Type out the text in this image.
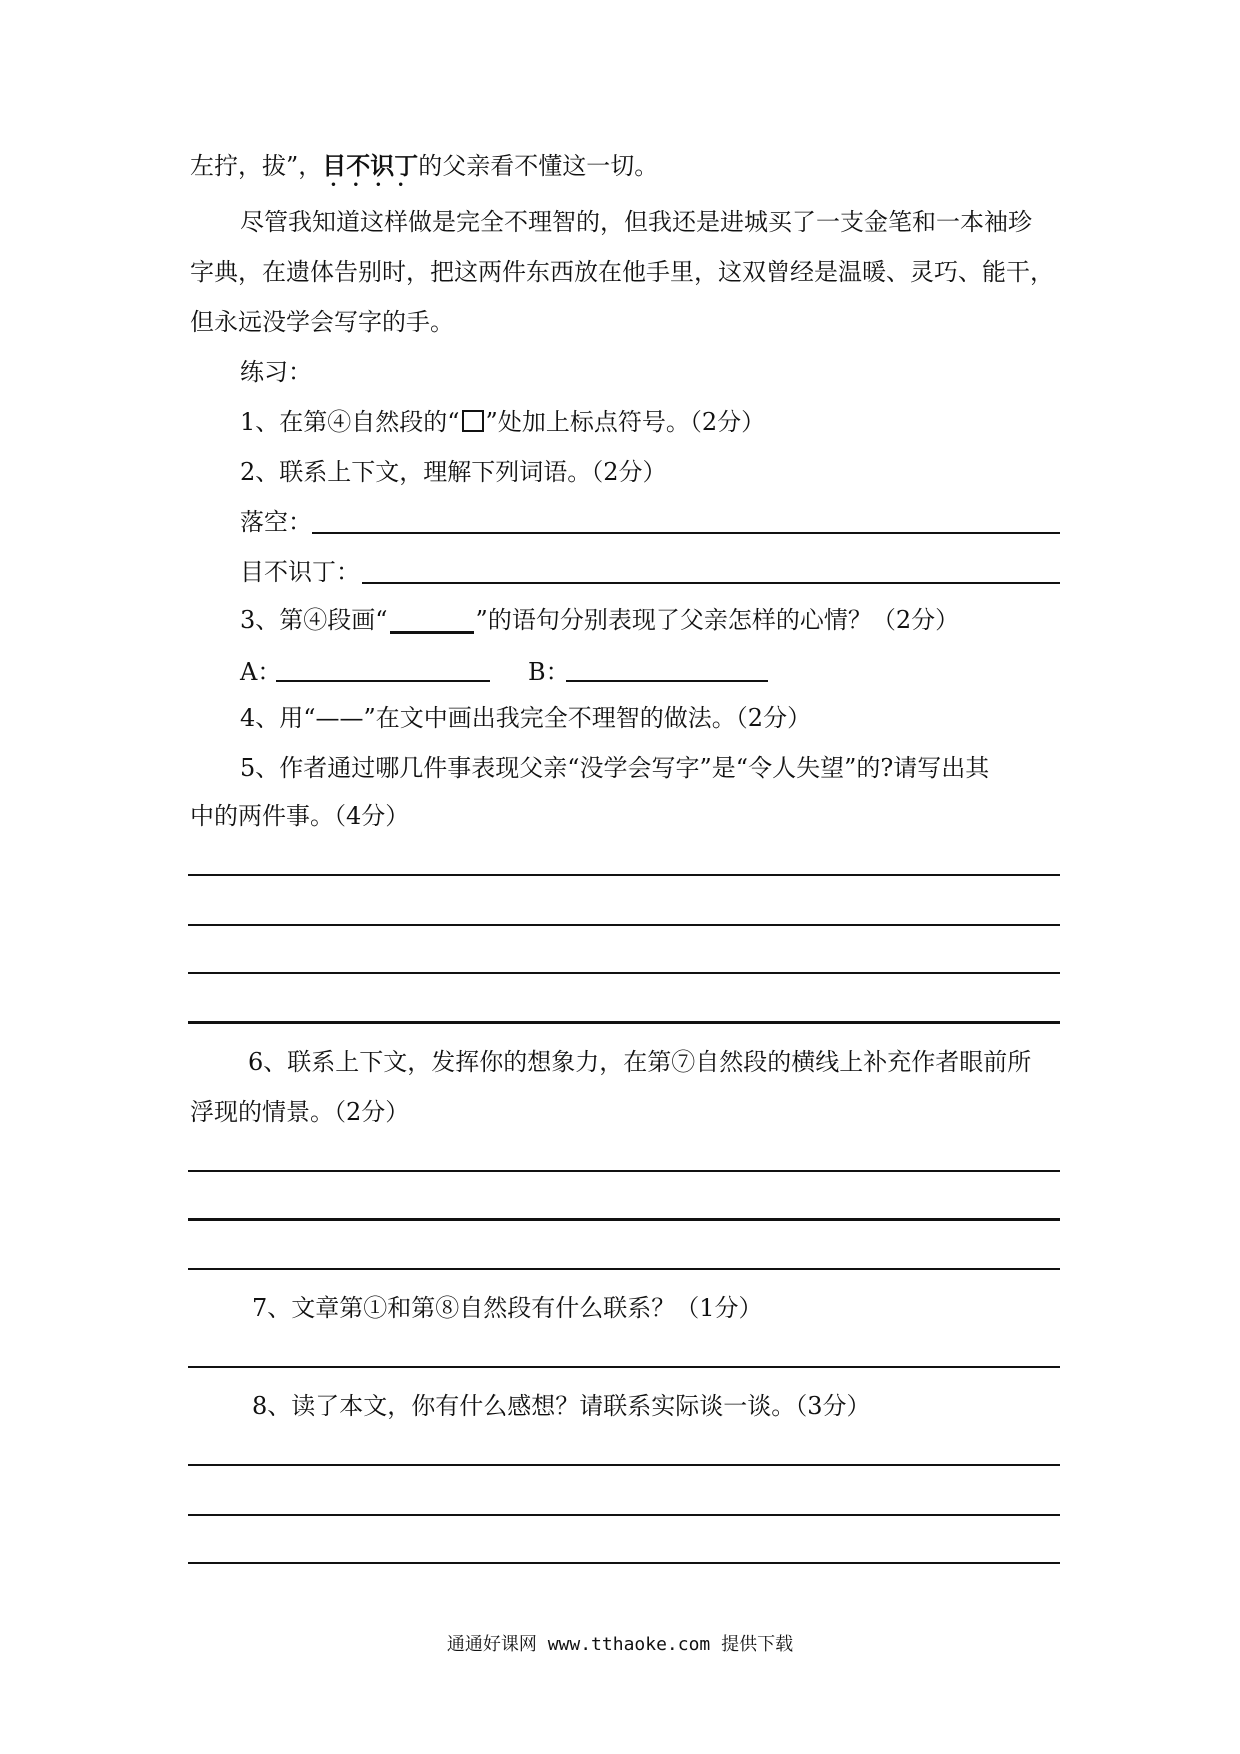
左拧，拔”，目不识丁
••••
的父亲看不懂这一切。
尽管我知道这样做是完全不理智的，但我还是进城买了一支金笔和一本袖珍
字典，在遗体告别时，把这两件东西放在他手里，这双曾经是温暖、灵巧、能干，
但永远没学会写字的手。
练习：
1、在第④自然段的“ ”处加上标点符号。（2分）
2、联系上下文，理解下列词语。（2分）
落空：
目不识丁：
3、第④段画“	”的语句分别表现了父亲怎样的心情？（2分）
A：	B：
4、用“——”在文中画出我完全不理智的做法。（2分）
5、作者通过哪几件事表现父亲“没学会写字”是“令人失望”的?请写出其
中的两件事。（4分）
6、联系上下文，发挥你的想象力，在第⑦自然段的横线上补充作者眼前所
浮现的情景。（2分）
7、文章第①和第⑧自然段有什么联系？（1分）
8、读了本文，你有什么感想？请联系实际谈一谈。（3分）
通通好课网 www.tthaoke.com 提供下载
